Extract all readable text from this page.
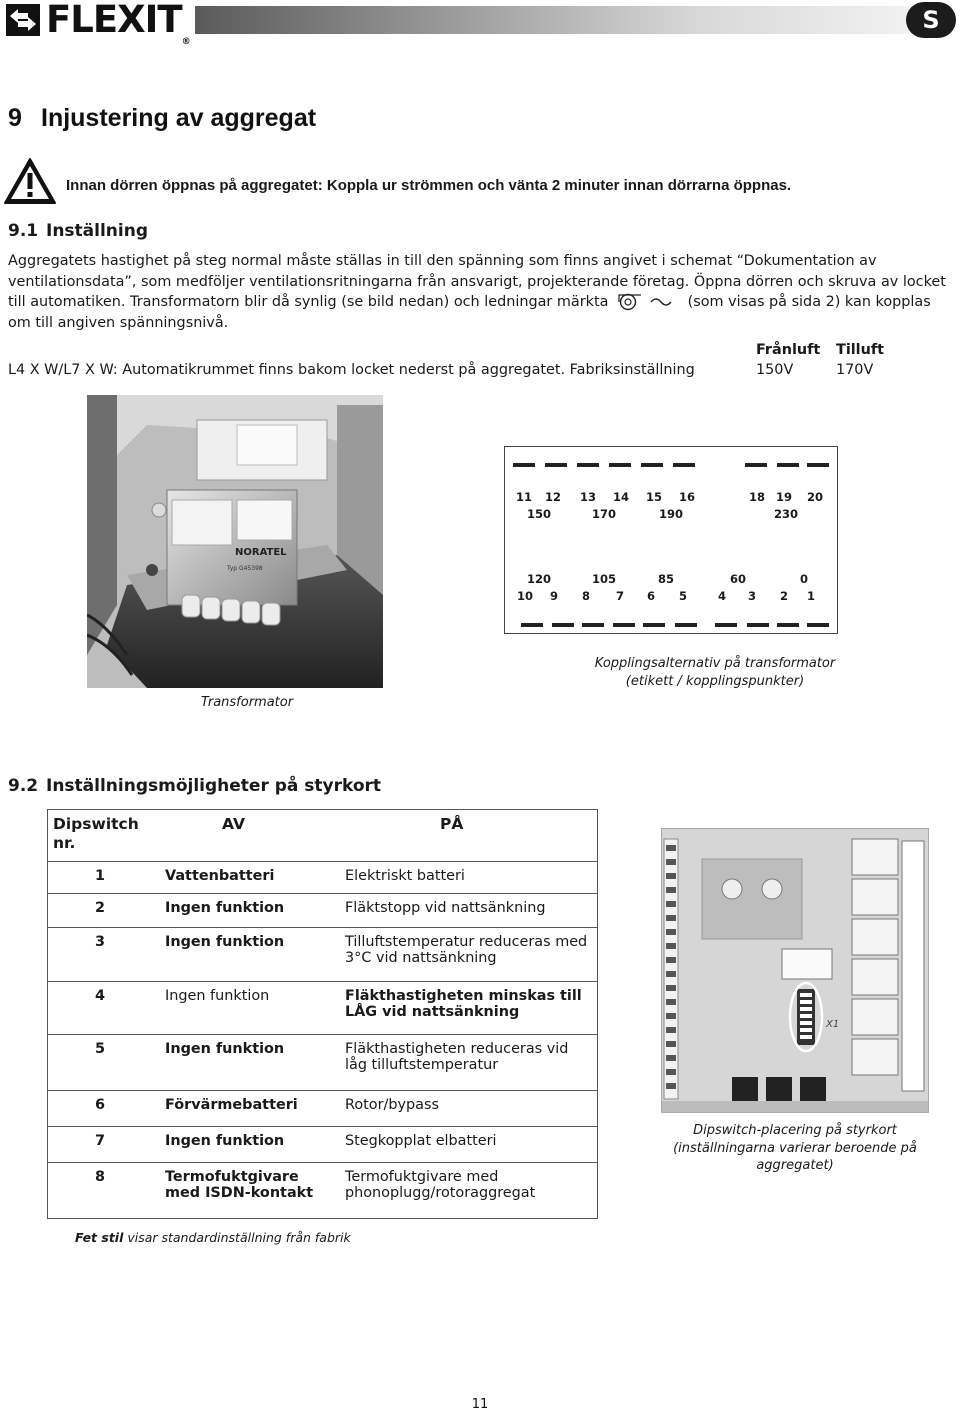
FLEXIT®
S
9 Injustering av aggregat
Innan dörren öppnas på aggregatet: Koppla ur strömmen och vänta 2 minuter innan dörrarna öppnas.
9.1 Inställning
Aggregatets hastighet på steg normal måste ställas in till den spänning som finns angivet i schemat “Dokumentation av ventilationsdata”, som medföljer ventilationsritningarna från ansvarigt, projekterande företag. Öppna dörren och skruva av locket till automatiken. Transformatorn blir då synlig (se bild nedan) och ledningar märkta	(som visas på sida 2) kan kopplas om till angiven spänningsnivå.
Frånluft Tilluft
L4 X W/L7 X W: Automatikrummet finns bakom locket nederst på aggregatet. Fabriksinställning	150V	170V
NORATEL
Typ G45398
Transformator
11	12	13	14	15	16	18 19	20
150	170	190	230
120	105	85	60	0
10	9	8	7	6	5	4	3	2	1
Kopplingsalternativ på transformator
(etikett / kopplingspunkter)
9.2 Inställningsmöjligheter på styrkort
Dipswitch nr.	AV	PÅ
1	Vattenbatteri	Elektriskt batteri
2	Ingen funktion	Fläktstopp vid nattsänkning
3	Ingen funktion	Tilluftstemperatur reduceras med 3°C vid nattsänkning
4	Ingen funktion	Fläkthastigheten minskas till LÅG vid nattsänkning
5	Ingen funktion	Fläkthastigheten reduceras vid låg tilluftstemperatur
6	Förvärmebatteri	Rotor/bypass
7	Ingen funktion	Stegkopplat elbatteri
8	Termofuktgivare med ISDN-kontakt	Termofuktgivare med phonoplugg/rotoraggregat
Fet stil visar standardinställning från fabrik
X1
Dipswitch-placering på styrkort
(inställningarna varierar beroende på
aggregatet)
11
